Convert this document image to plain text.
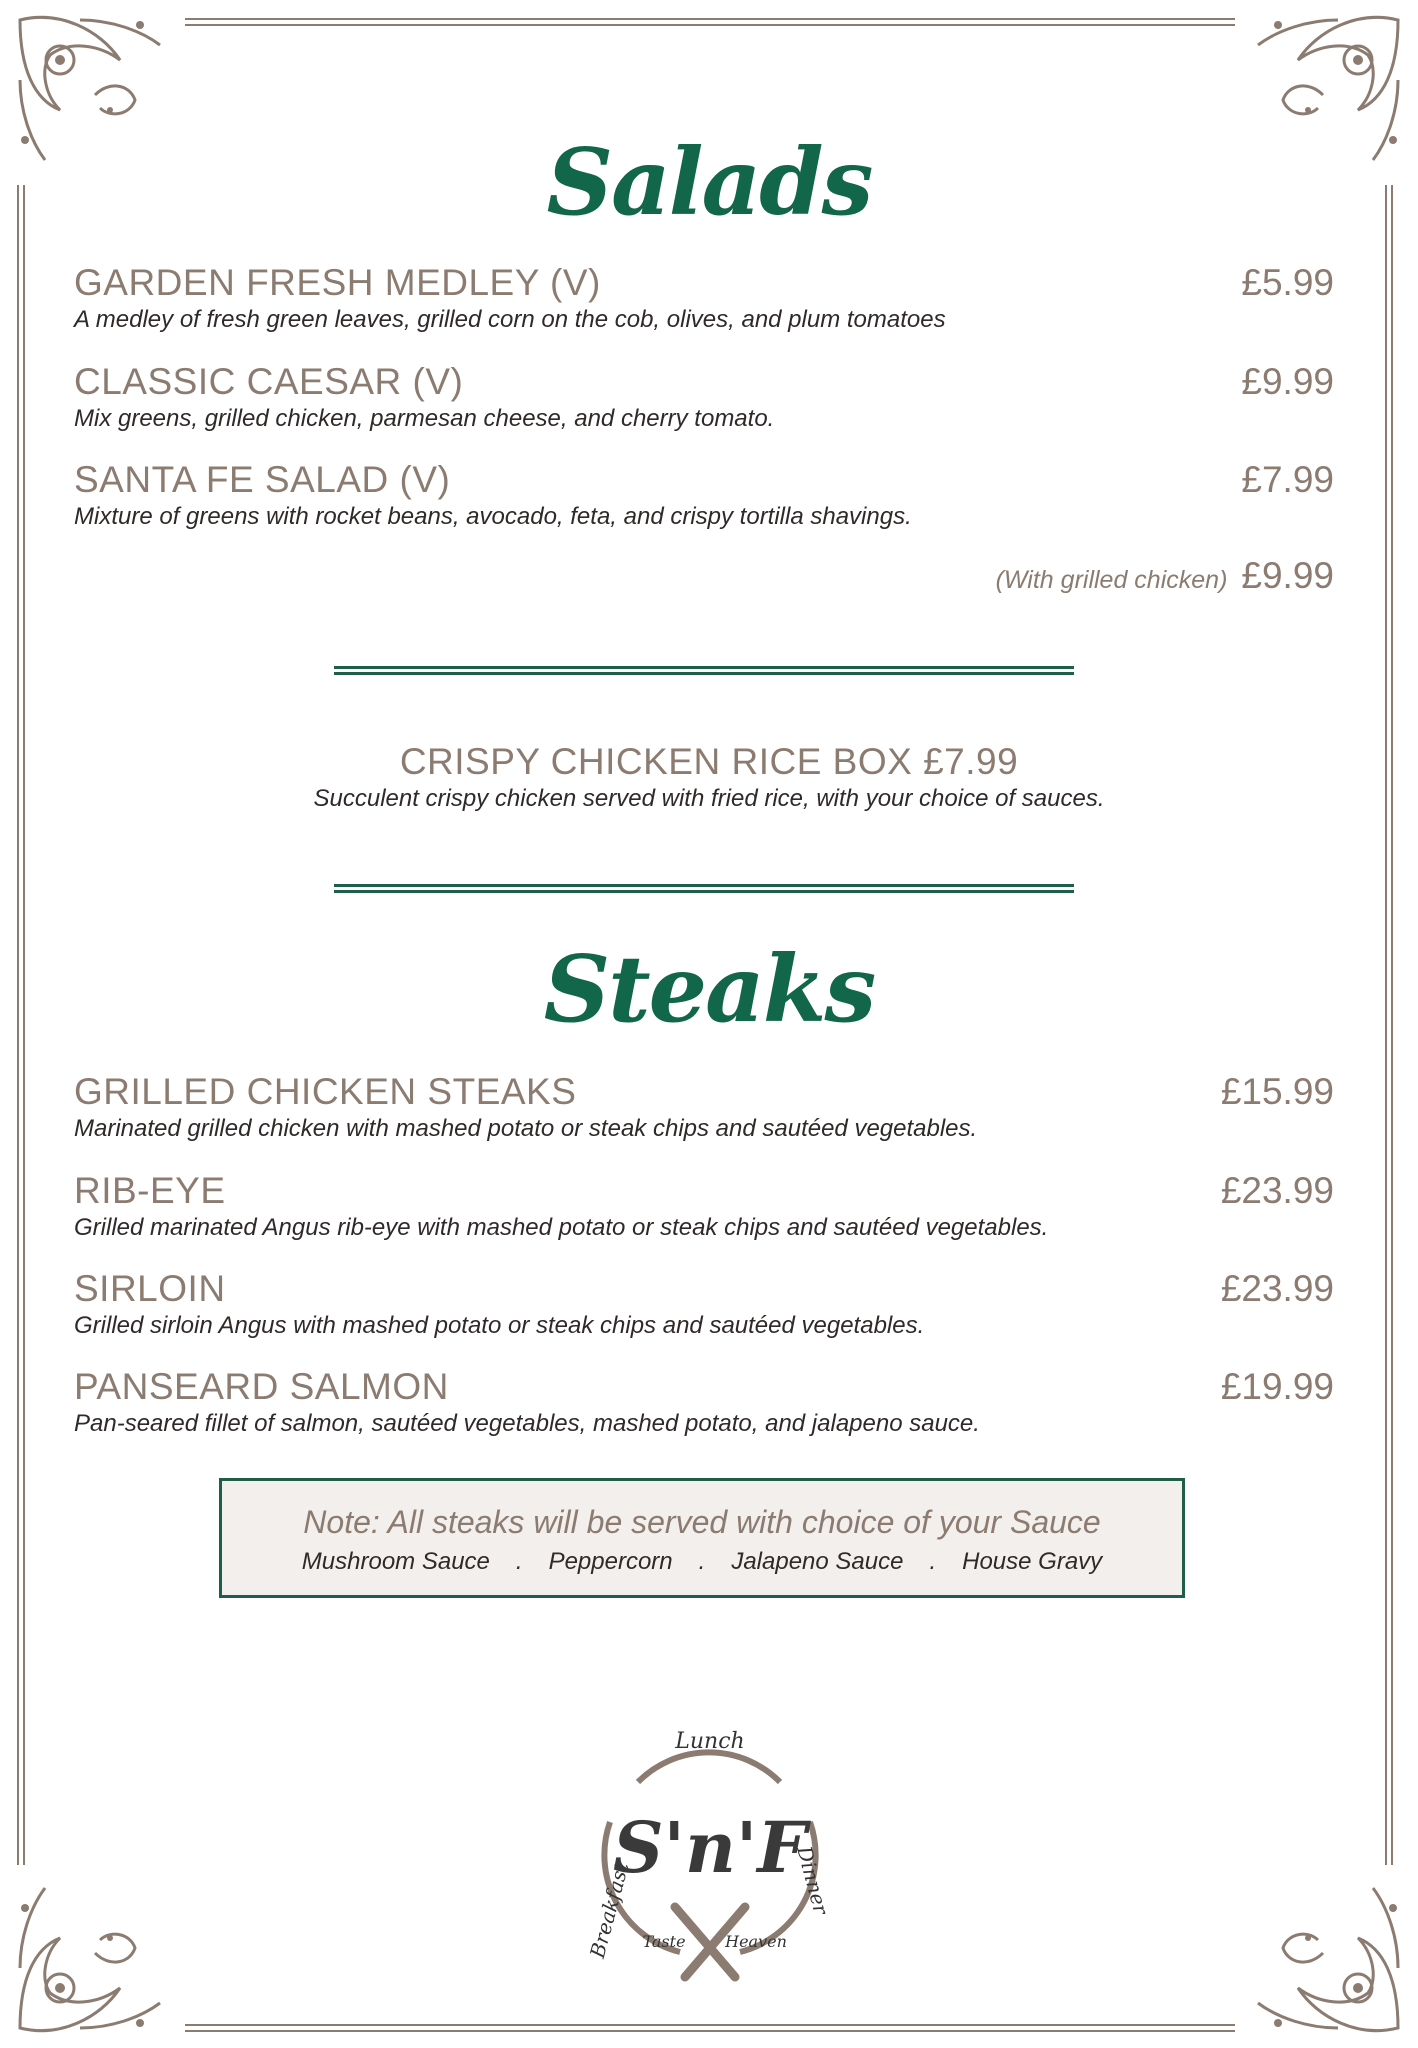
Salads
GARDEN FRESH MEDLEY (V)	£5.99
A medley of fresh green leaves, grilled corn on the cob, olives, and plum tomatoes
CLASSIC CAESAR (V)	£9.99
Mix greens, grilled chicken, parmesan cheese, and cherry tomato.
SANTA FE SALAD (V)	£7.99
Mixture of greens with rocket beans, avocado, feta, and crispy tortilla shavings.
(With grilled chicken) £9.99
CRISPY CHICKEN RICE BOX £7.99
Succulent crispy chicken served with fried rice, with your choice of sauces.
Steaks
GRILLED CHICKEN STEAKS	£15.99
Marinated grilled chicken with mashed potato or steak chips and sautéed vegetables.
RIB-EYE	£23.99
Grilled marinated Angus rib-eye with mashed potato or steak chips and sautéed vegetables.
SIRLOIN	£23.99
Grilled sirloin Angus with mashed potato or steak chips and sautéed vegetables.
PANSEARD SALMON	£19.99
Pan-seared fillet of salmon, sautéed vegetables, mashed potato, and jalapeno sauce.
Note: All steaks will be served with choice of your Sauce
Mushroom Sauce . Peppercorn . Jalapeno Sauce . House Gravy
Lunch
Breakfast	Dinner
Taste Heaven
S'n'F
